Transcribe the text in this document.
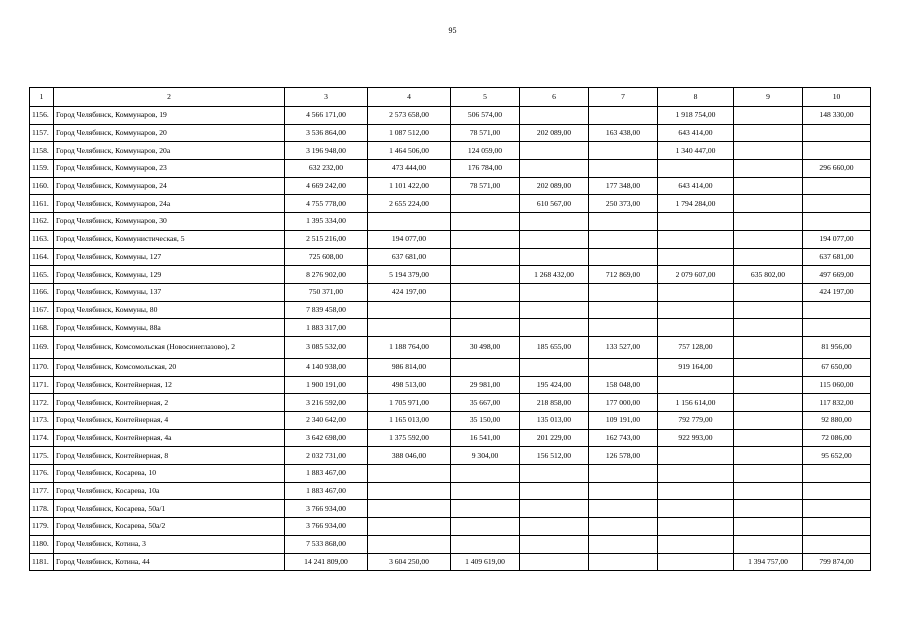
95
1	2	3	4	5	6	7	8	9	10
1156.	Город Челябинск, Коммунаров, 19	4 566 171,00	2 573 658,00	506 574,00			1 918 754,00		148 330,00
1157.	Город Челябинск, Коммунаров, 20	3 536 864,00	1 087 512,00	78 571,00	202 089,00	163 438,00	643 414,00		
1158.	Город Челябинск, Коммунаров, 20а	3 196 948,00	1 464 506,00	124 059,00			1 340 447,00		
1159.	Город Челябинск, Коммунаров, 23	632 232,00	473 444,00	176 784,00					296 660,00
1160.	Город Челябинск, Коммунаров, 24	4 669 242,00	1 101 422,00	78 571,00	202 089,00	177 348,00	643 414,00		
1161.	Город Челябинск, Коммунаров, 24а	4 755 778,00	2 655 224,00		610 567,00	250 373,00	1 794 284,00		
1162.	Город Челябинск, Коммунаров, 30	1 395 334,00							
1163.	Город Челябинск, Коммунистическая, 5	2 515 216,00	194 077,00						194 077,00
1164.	Город Челябинск, Коммуны, 127	725 608,00	637 681,00						637 681,00
1165.	Город Челябинск, Коммуны, 129	8 276 902,00	5 194 379,00		1 268 432,00	712 869,00	2 079 607,00	635 802,00	497 669,00
1166.	Город Челябинск, Коммуны, 137	750 371,00	424 197,00						424 197,00
1167.	Город Челябинск, Коммуны, 80	7 839 458,00							
1168.	Город Челябинск, Коммуны, 88а	1 883 317,00							
1169.	Город Челябинск, Комсомольская (Новосинеглазово), 2	3 085 532,00	1 188 764,00	30 498,00	185 655,00	133 527,00	757 128,00		81 956,00
1170.	Город Челябинск, Комсомольская, 20	4 140 938,00	986 814,00				919 164,00		67 650,00
1171.	Город Челябинск, Контейнерная, 12	1 900 191,00	498 513,00	29 981,00	195 424,00	158 048,00			115 060,00
1172.	Город Челябинск, Контейнерная, 2	3 216 592,00	1 705 971,00	35 667,00	218 858,00	177 000,00	1 156 614,00		117 832,00
1173.	Город Челябинск, Контейнерная, 4	2 340 642,00	1 165 013,00	35 150,00	135 013,00	109 191,00	792 779,00		92 880,00
1174.	Город Челябинск, Контейнерная, 4а	3 642 698,00	1 375 592,00	16 541,00	201 229,00	162 743,00	922 993,00		72 086,00
1175.	Город Челябинск, Контейнерная, 8	2 032 731,00	388 046,00	9 304,00	156 512,00	126 578,00			95 652,00
1176.	Город Челябинск, Косарева, 10	1 883 467,00							
1177.	Город Челябинск, Косарева, 10а	1 883 467,00							
1178.	Город Челябинск, Косарева, 50а/1	3 766 934,00							
1179.	Город Челябинск, Косарева, 50а/2	3 766 934,00							
1180.	Город Челябинск, Котина, 3	7 533 868,00							
1181.	Город Челябинск, Котина, 44	14 241 809,00	3 604 250,00	1 409 619,00				1 394 757,00	799 874,00
